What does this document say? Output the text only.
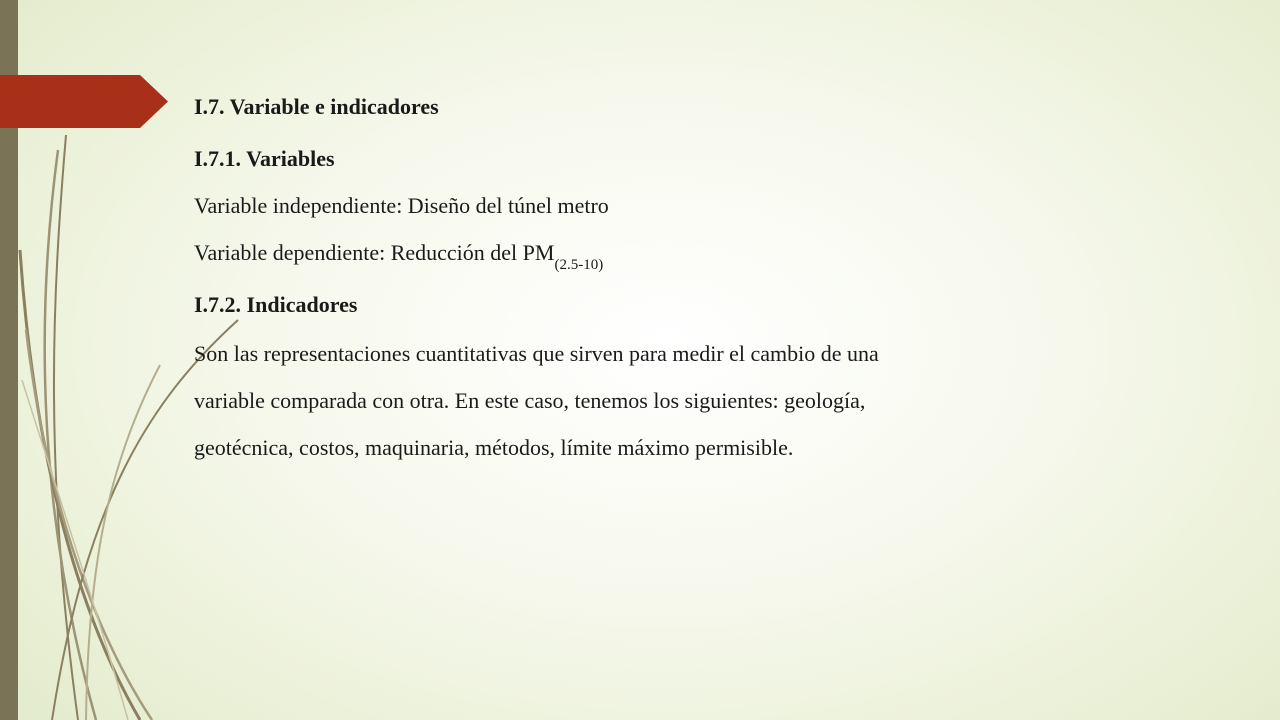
I.7. Variable e indicadores
I.7.1. Variables
Variable independiente: Diseño del túnel metro
Variable dependiente: Reducción del $PM_{(2.5-10)}$
I.7.2. Indicadores
Son las representaciones cuantitativas que sirven para medir el cambio de una
variable comparada con otra. En este caso, tenemos los siguientes: geología,
geotécnica, costos, maquinaria, métodos, límite máximo permisible.
